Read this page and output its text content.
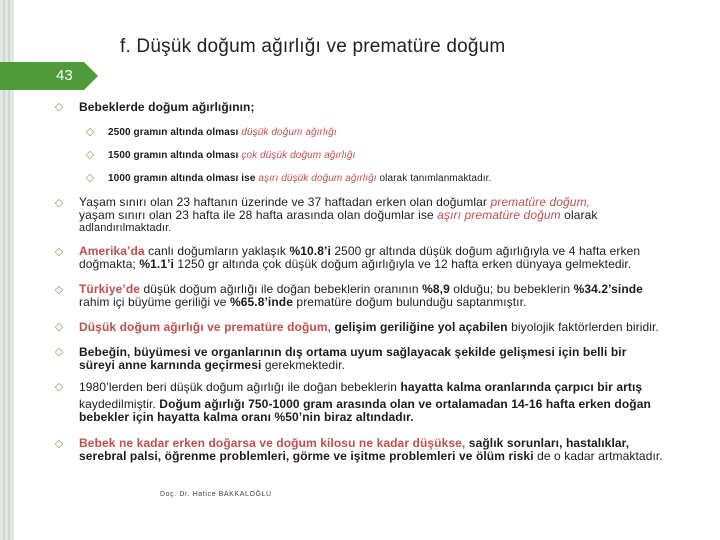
f. Düşük doğum ağırlığı ve prematüre doğum
43
◇ Bebeklerde doğum ağırlığının;
◇ 2500 gramın altında olması düşük doğum ağırlığı
◇ 1500 gramın altında olması çok düşük doğum ağırlığı
◇ 1000 gramın altında olması ise aşırı düşük doğum ağırlığı olarak tanımlanmaktadır.
◇ Yaşam sınırı olan 23 haftanın üzerinde ve 37 haftadan erken olan doğumlar prematüre doğum,
yaşam sınırı olan 23 hafta ile 28 hafta arasında olan doğumlar ise aşırı prematüre doğum olarak
adlandırılmaktadır.
◇ Amerika’da canlı doğumların yaklaşık %10.8’i 2500 gr altında düşük doğum ağırlığıyla ve 4 hafta erken
doğmakta; %1.1’i 1250 gr altında çok düşük doğum ağırlığıyla ve 12 hafta erken dünyaya gelmektedir.
◇ Türkiye’de düşük doğum ağırlığı ile doğan bebeklerin oranının %8,9 olduğu; bu bebeklerin %34.2’sinde
rahim içi büyüme geriliği ve %65.8’inde prematüre doğum bulunduğu saptanmıştır.
◇ Düşük doğum ağırlığı ve prematüre doğum, gelişim geriliğine yol açabilen biyolojik faktörlerden biridir.
◇ Bebeğin, büyümesi ve organlarının dış ortama uyum sağlayacak şekilde gelişmesi için belli bir
süreyi anne karnında geçirmesi gerekmektedir.
◇ 1980’lerden beri düşük doğum ağırlığı ile doğan bebeklerin hayatta kalma oranlarında çarpıcı bir artış
kaydedilmiştir. Doğum ağırlığı 750-1000 gram arasında olan ve ortalamadan 14-16 hafta erken doğan
bebekler için hayatta kalma oranı %50’nin biraz altındadır.
◇ Bebek ne kadar erken doğarsa ve doğum kilosu ne kadar düşükse, sağlık sorunları, hastalıklar,
serebral palsi, öğrenme problemleri, görme ve işitme problemleri ve ölüm riski de o kadar artmaktadır.
Doç. Dr. Hatice BAKKALOĞLU
